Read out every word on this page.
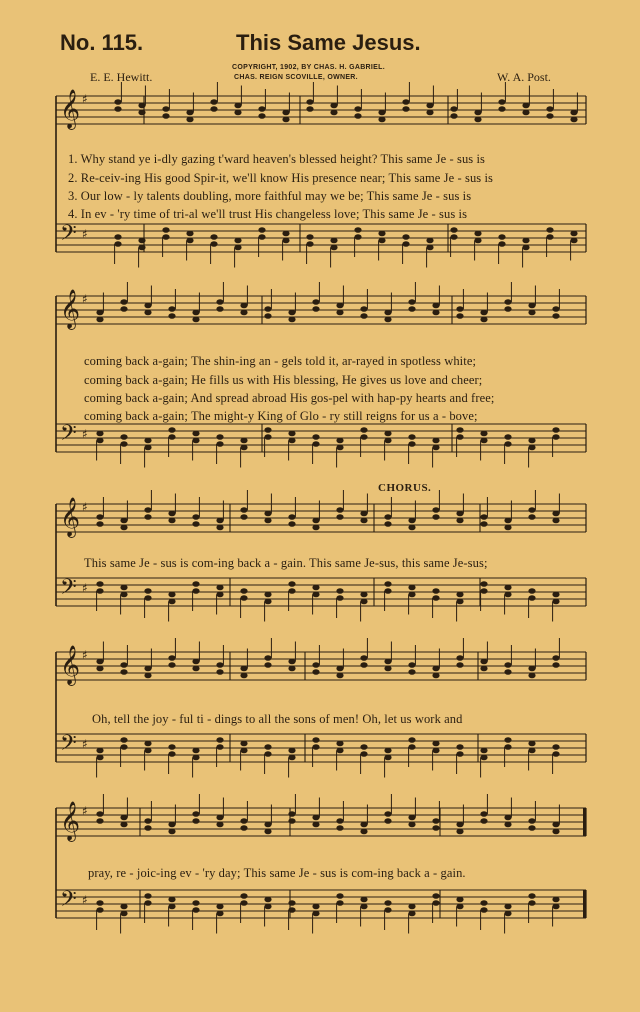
No. 115.	This Same Jesus.
COPYRIGHT, 1902, BY CHAS. H. GABRIEL.
CHAS. REIGN SCOVILLE, OWNER.
E. E. Hewitt.	W. A. Post.
𝄞 ♯
𝄢 ♯
𝄞 ♯
𝄢 ♯
𝄞 ♯
𝄢 ♯
𝄞 ♯
𝄢 ♯
𝄞 ♯
𝄢 ♯
1. Why stand ye i-dly gazing t'ward heaven's blessed height? This same Je - sus is
2. Re-ceiv-ing His good Spir-it, we'll know His presence near; This same Je - sus is
3. Our low - ly talents doubling, more faithful may we be; This same Je - sus is
4. In ev - 'ry time of tri-al we'll trust His changeless love; This same Je - sus is
coming back a-gain; The shin-ing an - gels told it, ar-rayed in spotless white;
coming back a-gain; He fills us with His blessing, He gives us love and cheer;
coming back a-gain; And spread abroad His gos-pel with hap-py hearts and free;
coming back a-gain; The might-y King of Glo - ry still reigns for us a - bove;
CHORUS.
This same Je - sus is com-ing back a - gain. This same Je-sus, this same Je-sus;
Oh, tell the joy - ful ti - dings to all the sons of men! Oh, let us work and
pray, re - joic-ing ev - 'ry day; This same Je - sus is com-ing back a - gain.
